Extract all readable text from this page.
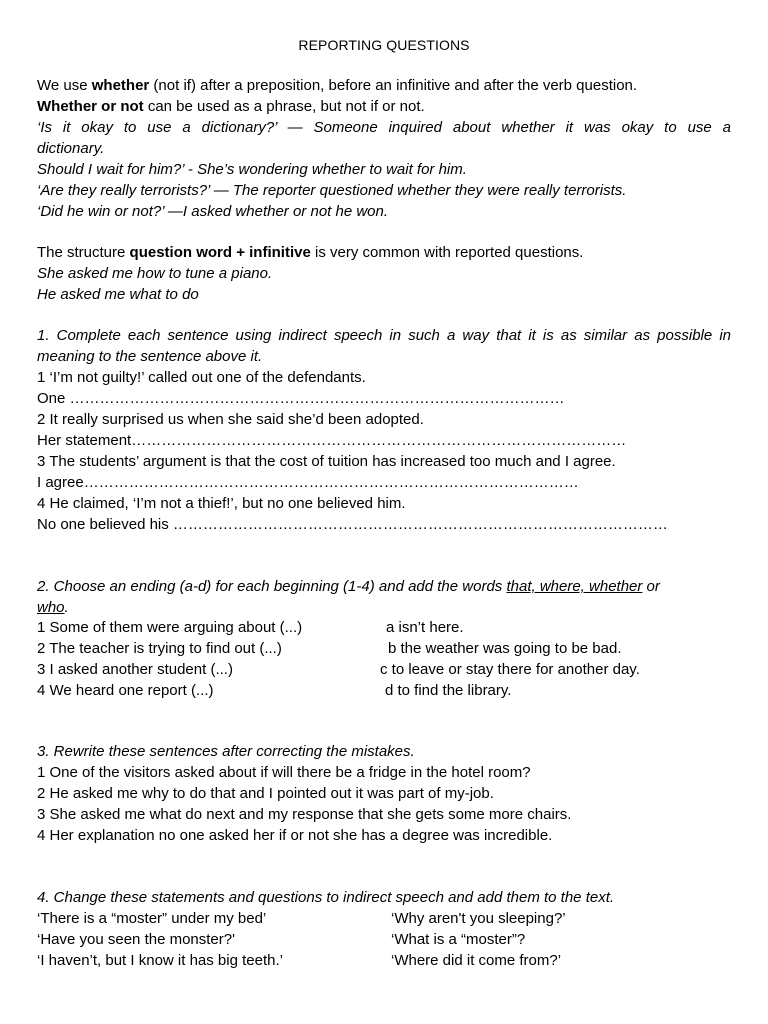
REPORTING QUESTIONS
We use whether (not if) after a preposition, before an infinitive and after the verb question.
Whether or not can be used as a phrase, but not if or not.
‘Is it okay to use a dictionary?’ — Someone inquired about whether it was okay to use a
dictionary.
Should I wait for him?’ - She’s wondering whether to wait for him.
‘Are they really terrorists?’ — The reporter questioned whether they were really terrorists.
‘Did he win or not?’ —I asked whether or not he won.
The structure question word + infinitive is very common with reported questions.
She asked me how to tune a piano.
He asked me what to do
1. Complete each sentence using indirect speech in such a way that it is as similar as possible in
meaning to the sentence above it.
1 ‘I’m not guilty!’ called out one of the defendants.
One ………………………………………………………………………………………
2 It really surprised us when she said she’d been adopted.
Her statement………………………………………………………………………………………
3 The students’ argument is that the cost of tuition has increased too much and I agree.
I agree………………………………………………………………………………………
4 He claimed, ‘I’m not a thief!’, but no one believed him.
No one believed his ………………………………………………………………………………………
2. Choose an ending (a-d) for each beginning (1-4) and add the words that, where, whether or
who.
1 Some of them were arguing about (...)	a isn’t here.
2 The teacher is trying to find out (...)	b the weather was going to be bad.
3 I asked another student (...)	c to leave or stay there for another day.
4 We heard one report (...)	d to find the library.
3. Rewrite these sentences after correcting the mistakes.
1 One of the visitors asked about if will there be a fridge in the hotel room?
2 He asked me why to do that and I pointed out it was part of my-job.
3 She asked me what do next and my response that she gets some more chairs.
4 Her explanation no one asked her if or not she has a degree was incredible.
4. Change these statements and questions to indirect speech and add them to the text.
‘There is a “moster” under my bed’	‘Why aren't you sleeping?’
‘Have you seen the monster?'	‘What is a “moster”?
‘I haven’t, but I know it has big teeth.’	‘Where did it come from?’
